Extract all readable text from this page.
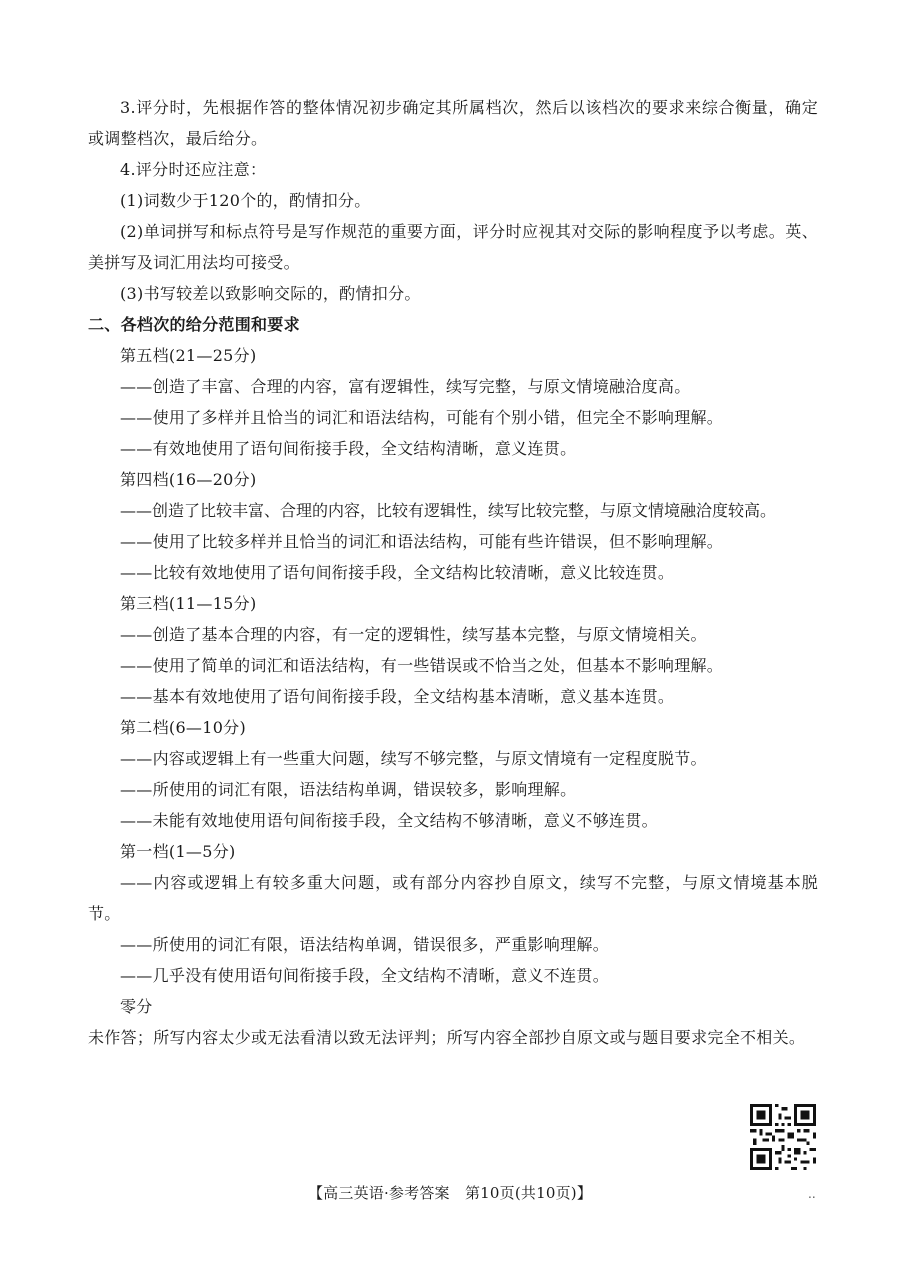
3.评分时，先根据作答的整体情况初步确定其所属档次，然后以该档次的要求来综合衡量，确定或调整档次，最后给分。

4.评分时还应注意：

(1)词数少于120个的，酌情扣分。

(2)单词拼写和标点符号是写作规范的重要方面，评分时应视其对交际的影响程度予以考虑。英、美拼写及词汇用法均可接受。

(3)书写较差以致影响交际的，酌情扣分。

二、各档次的给分范围和要求

第五档(21—25分)

——创造了丰富、合理的内容，富有逻辑性，续写完整，与原文情境融洽度高。

——使用了多样并且恰当的词汇和语法结构，可能有个别小错，但完全不影响理解。

——有效地使用了语句间衔接手段，全文结构清晰，意义连贯。

第四档(16—20分)

——创造了比较丰富、合理的内容，比较有逻辑性，续写比较完整，与原文情境融洽度较高。

——使用了比较多样并且恰当的词汇和语法结构，可能有些许错误，但不影响理解。

——比较有效地使用了语句间衔接手段，全文结构比较清晰，意义比较连贯。

第三档(11—15分)

——创造了基本合理的内容，有一定的逻辑性，续写基本完整，与原文情境相关。

——使用了简单的词汇和语法结构，有一些错误或不恰当之处，但基本不影响理解。

——基本有效地使用了语句间衔接手段，全文结构基本清晰，意义基本连贯。

第二档(6—10分)

——内容或逻辑上有一些重大问题，续写不够完整，与原文情境有一定程度脱节。

——所使用的词汇有限，语法结构单调，错误较多，影响理解。

——未能有效地使用语句间衔接手段，全文结构不够清晰，意义不够连贯。

第一档(1—5分)

——内容或逻辑上有较多重大问题，或有部分内容抄自原文，续写不完整，与原文情境基本脱节。

——所使用的词汇有限，语法结构单调，错误很多，严重影响理解。

——几乎没有使用语句间衔接手段，全文结构不清晰，意义不连贯。

零分

未作答；所写内容太少或无法看清以致无法评判；所写内容全部抄自原文或与题目要求完全不相关。

【高三英语·参考答案　第10页(共10页)】	..
